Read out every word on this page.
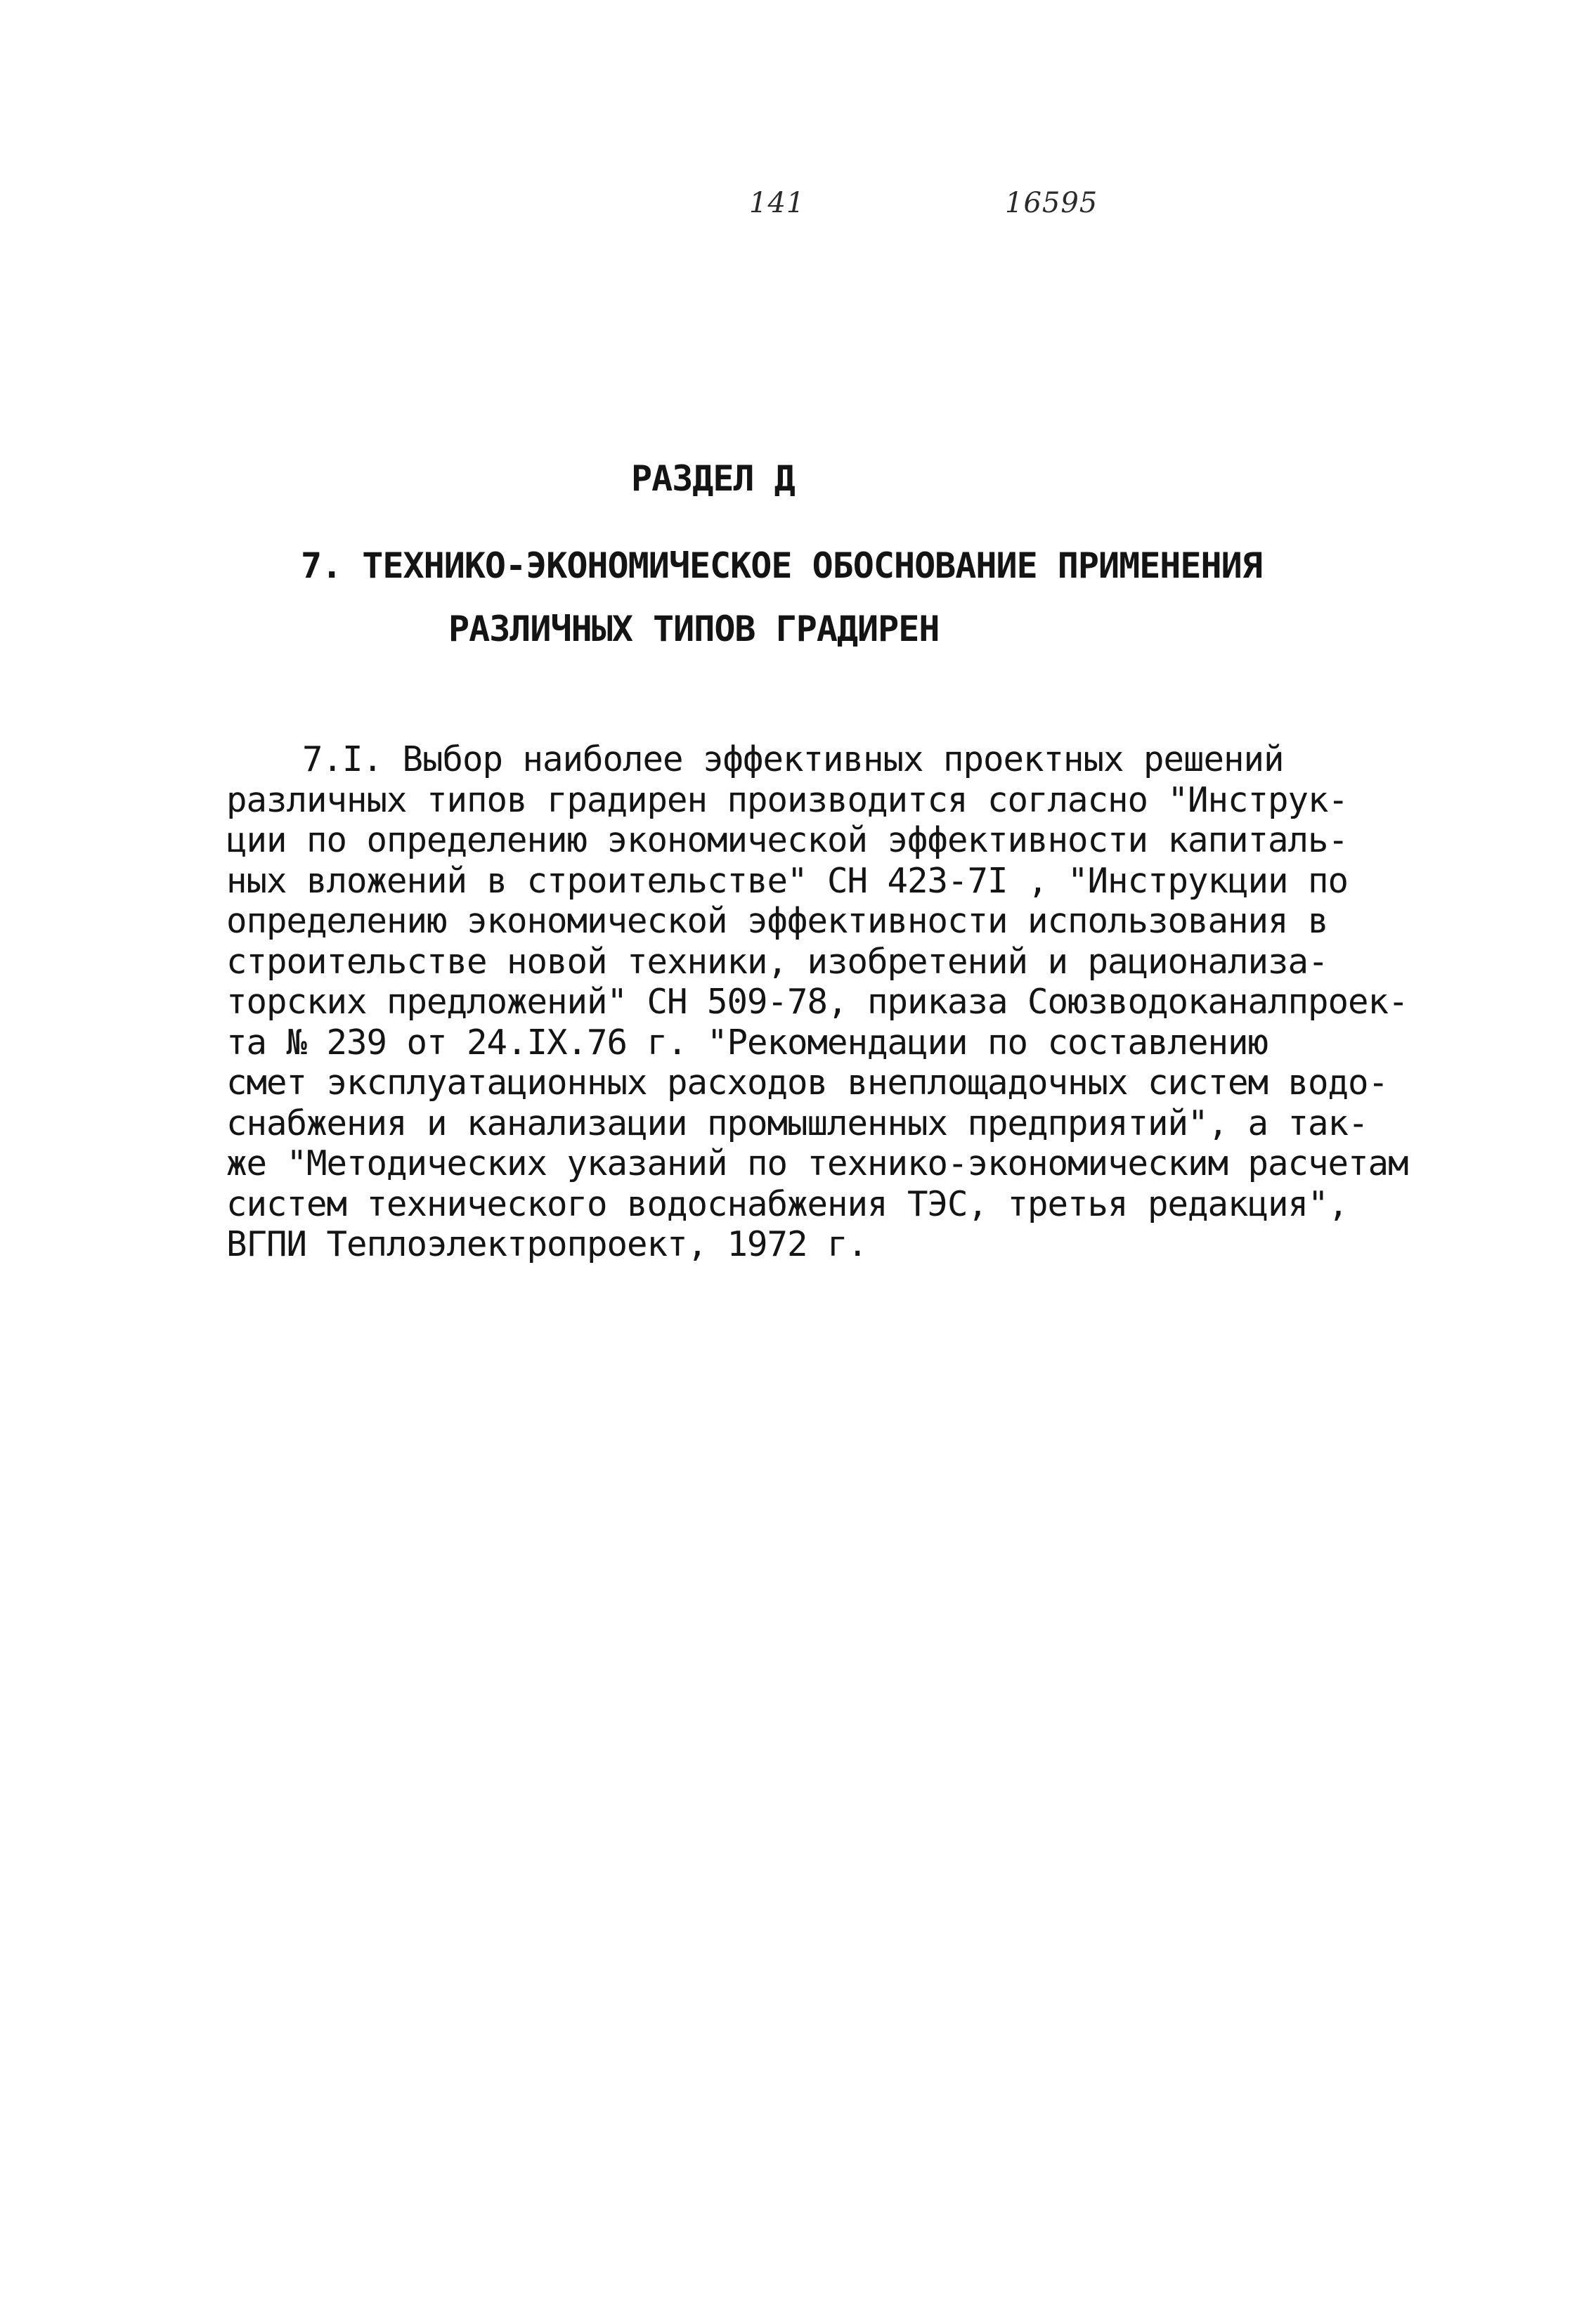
141	16595
РАЗДЕЛ Д
7. ТЕХНИКО-ЭКОНОМИЧЕСКОЕ ОБОСНОВАНИЕ ПРИМЕНЕНИЯ
РАЗЛИЧНЫХ ТИПОВ ГРАДИРЕН
7.I. Выбор наиболее эффективных проектных решений
различных типов градирен производится согласно "Инструк-
ции по определению экономической эффективности капиталь-
ных вложений в строительстве" СН 423-7I , "Инструкции по
определению экономической эффективности использования в
строительстве новой техники, изобретений и рационализа-
торских предложений" СН 509-78, приказа Союзводоканалпроек-
та № 239 от 24.IX.76 г. "Рекомендации по составлению
смет эксплуатационных расходов внеплощадочных систем водо-
снабжения и канализации промышленных предприятий", а так-
же "Методических указаний по технико-экономическим расчетам
систем технического водоснабжения ТЭС, третья редакция",
ВГПИ Теплоэлектропроект, 1972 г.
